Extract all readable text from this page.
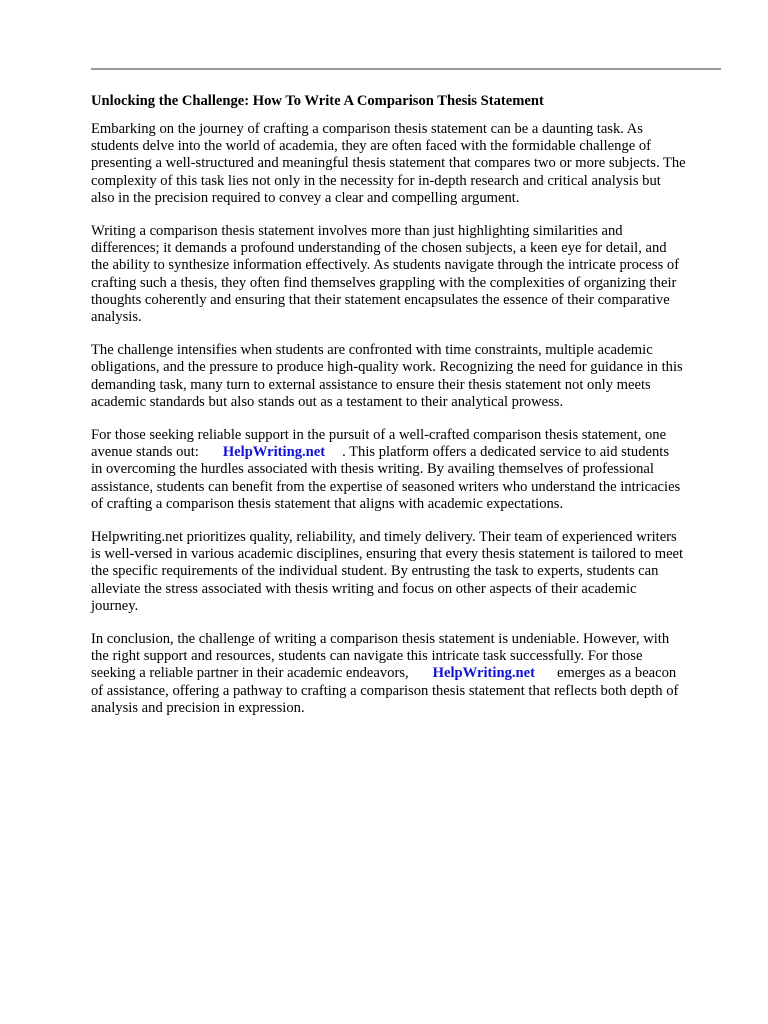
Unlocking the Challenge: How To Write A Comparison Thesis Statement

Embarking on the journey of crafting a comparison thesis statement can be a daunting task. As
students delve into the world of academia, they are often faced with the formidable challenge of
presenting a well-structured and meaningful thesis statement that compares two or more subjects. The
complexity of this task lies not only in the necessity for in-depth research and critical analysis but
also in the precision required to convey a clear and compelling argument.

Writing a comparison thesis statement involves more than just highlighting similarities and
differences; it demands a profound understanding of the chosen subjects, a keen eye for detail, and
the ability to synthesize information effectively. As students navigate through the intricate process of
crafting such a thesis, they often find themselves grappling with the complexities of organizing their
thoughts coherently and ensuring that their statement encapsulates the essence of their comparative
analysis.

The challenge intensifies when students are confronted with time constraints, multiple academic
obligations, and the pressure to produce high-quality work. Recognizing the need for guidance in this
demanding task, many turn to external assistance to ensure their thesis statement not only meets
academic standards but also stands out as a testament to their analytical prowess.

For those seeking reliable support in the pursuit of a well-crafted comparison thesis statement, one
avenue stands out: HelpWriting.net . This platform offers a dedicated service to aid students
in overcoming the hurdles associated with thesis writing. By availing themselves of professional
assistance, students can benefit from the expertise of seasoned writers who understand the intricacies
of crafting a comparison thesis statement that aligns with academic expectations.

Helpwriting.net prioritizes quality, reliability, and timely delivery. Their team of experienced writers
is well-versed in various academic disciplines, ensuring that every thesis statement is tailored to meet
the specific requirements of the individual student. By entrusting the task to experts, students can
alleviate the stress associated with thesis writing and focus on other aspects of their academic
journey.

In conclusion, the challenge of writing a comparison thesis statement is undeniable. However, with
the right support and resources, students can navigate this intricate task successfully. For those
seeking a reliable partner in their academic endeavors, HelpWriting.net emerges as a beacon
of assistance, offering a pathway to crafting a comparison thesis statement that reflects both depth of
analysis and precision in expression.
